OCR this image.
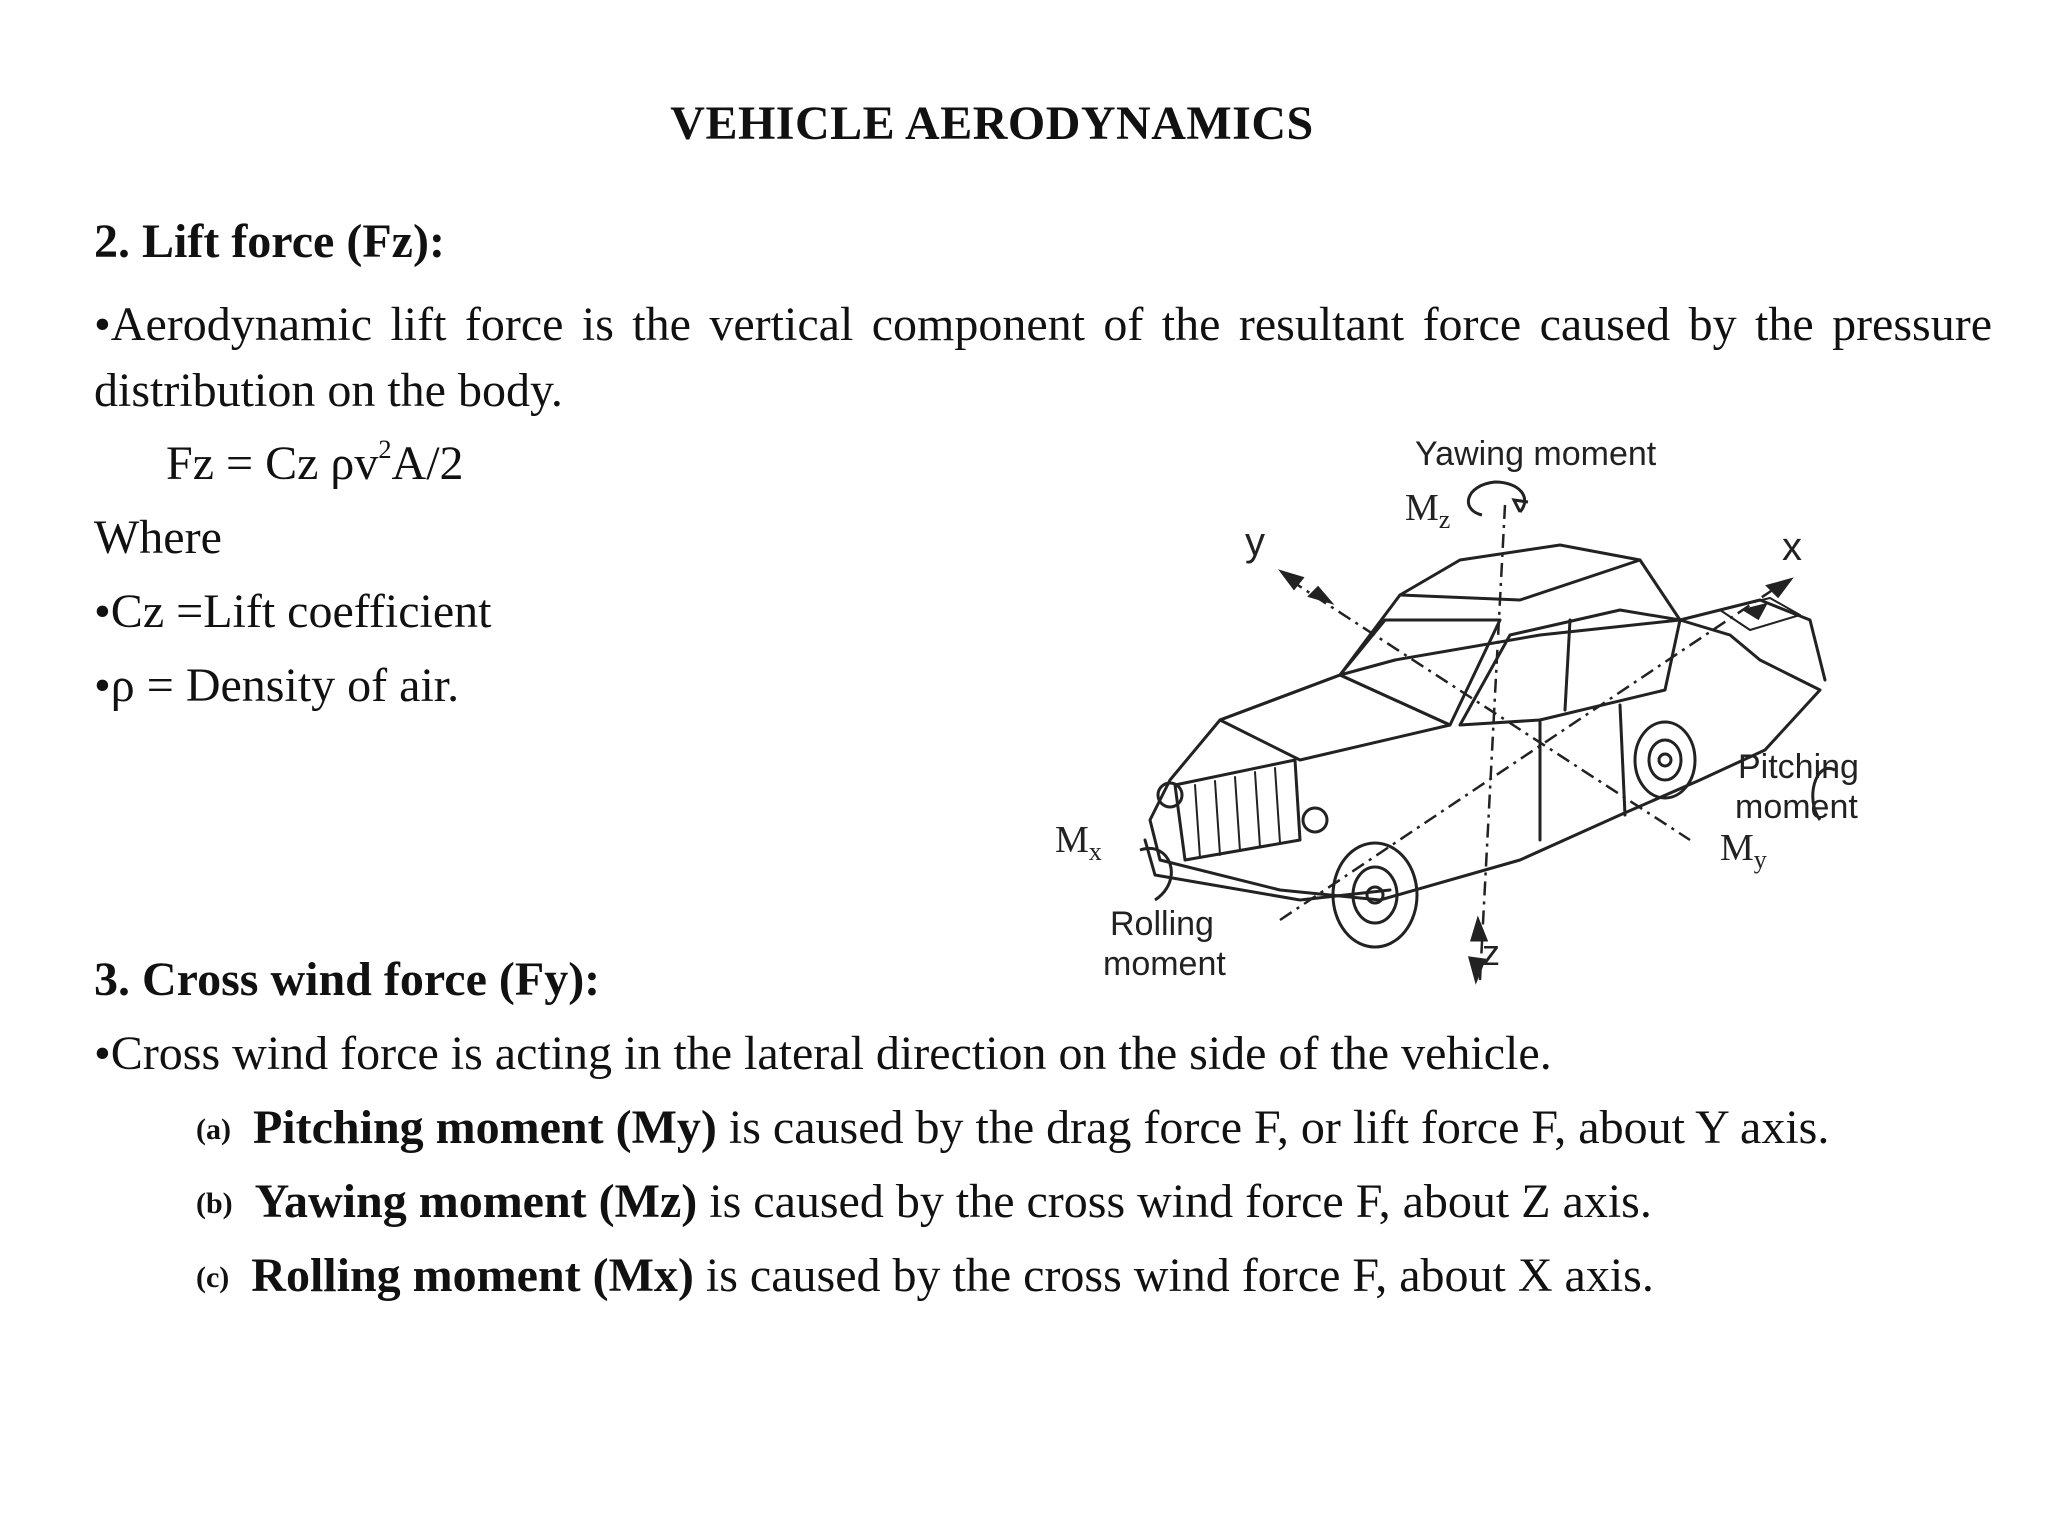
VEHICLE AERODYNAMICS
2. Lift force (Fz):
•Aerodynamic lift force is the vertical component of the resultant force caused by the pressure distribution on the body.
Fz = Cz $\rho v^2A/2$
Where
•Cz =Lift coefficient
•ρ = Density of air.
Yawing moment
$M_z$
y	x
z
Pitching
moment
$M_y$
$M_x$
Rolling
moment
3. Cross wind force (Fy):
•Cross wind force is acting in the lateral direction on the side of the vehicle.
(a) Pitching moment (My) is caused by the drag force F, or lift force F, about Y axis.
(b) Yawing moment (Mz) is caused by the cross wind force F, about Z axis.
(c) Rolling moment (Mx) is caused by the cross wind force F, about X axis.
